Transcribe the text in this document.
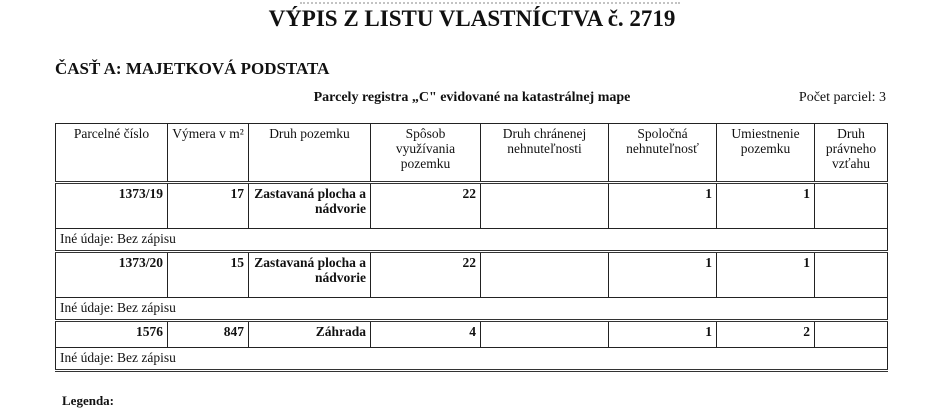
VÝPIS Z LISTU VLASTNÍCTVA č. 2719
ČASŤ A: MAJETKOVÁ PODSTATA
Parcely registra „C" evidované na katastrálnej mape	Počet parciel: 3
Parcelné číslo	Výmera v m²	Druh pozemku	Spôsob využívania pozemku	Druh chránenej nehnuteľnosti	Spoločná nehnuteľnosť	Umiestnenie pozemku	Druh právneho vzťahu
1373/19	17	Zastavaná plocha a nádvorie	22		1	1	
Iné údaje: Bez zápisu							
1373/20	15	Zastavaná plocha a nádvorie	22		1	1	
Iné údaje: Bez zápisu							
1576	847	Záhrada	4		1	2	
Iné údaje: Bez zápisu							
Legenda:
